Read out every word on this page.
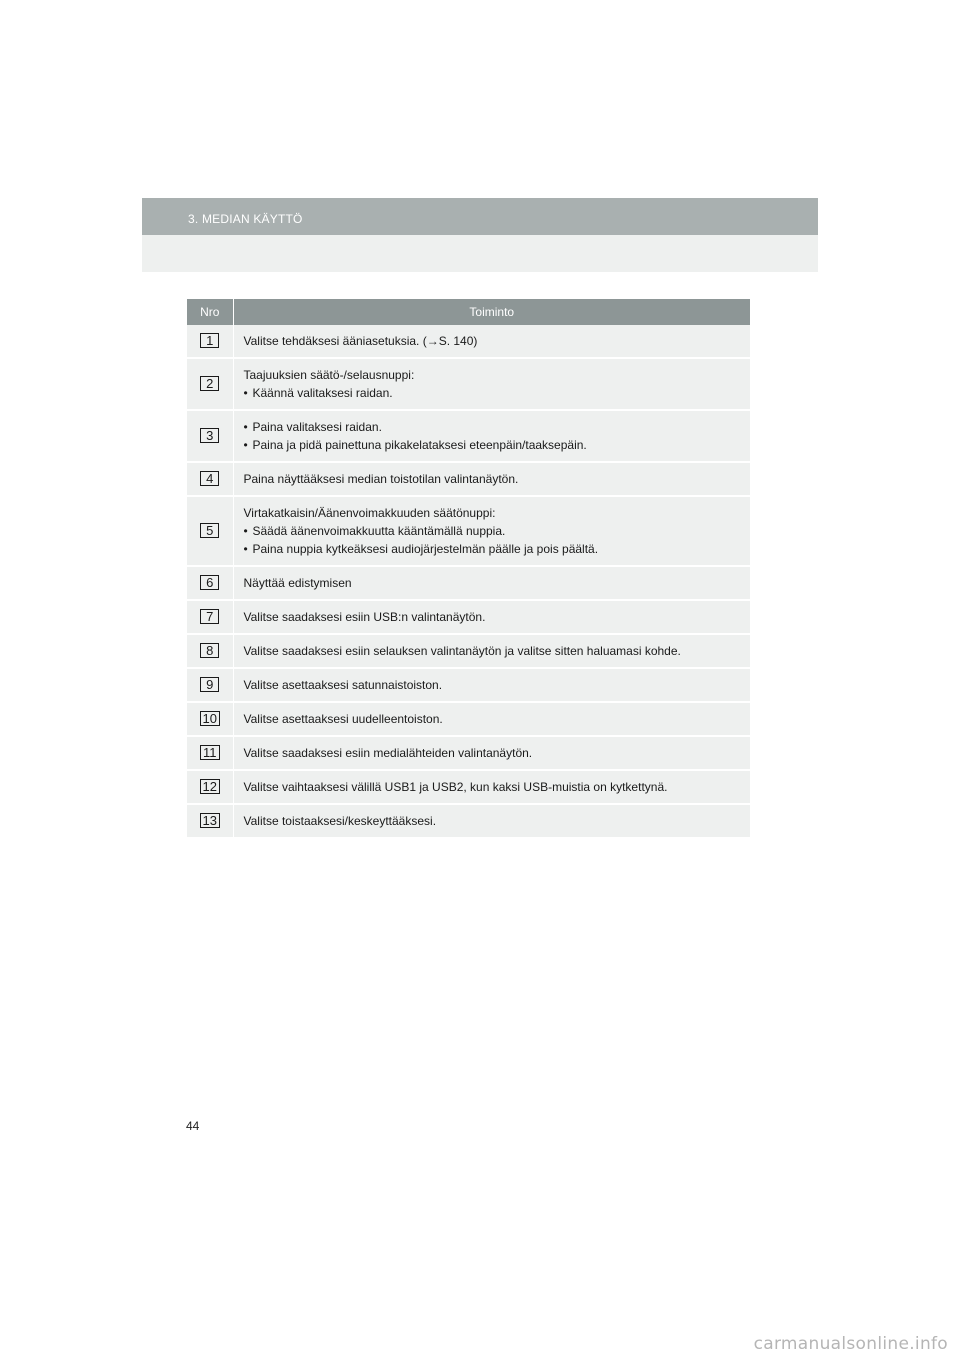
3. MEDIAN KÄYTTÖ
Nro	Toiminto
1	Valitse tehdäksesi ääniasetuksia. (→S. 140)

2	Taajuuksien säätö-/selausnuppi:
• Käännä valitaksesi raidan.

3	• Paina valitaksesi raidan.
• Paina ja pidä painettuna pikakelataksesi eteenpäin/taaksepäin.

4	Paina näyttääksesi median toistotilan valintanäytön.

5	Virtakatkaisin/Äänenvoimakkuuden säätönuppi:
• Säädä äänenvoimakkuutta kääntämällä nuppia.
• Paina nuppia kytkeäksesi audiojärjestelmän päälle ja pois päältä.

6	Näyttää edistymisen

7	Valitse saadaksesi esiin USB:n valintanäytön.

8	Valitse saadaksesi esiin selauksen valintanäytön ja valitse sitten haluamasi kohde.

9	Valitse asettaaksesi satunnaistoiston.

10	Valitse asettaaksesi uudelleentoiston.

11	Valitse saadaksesi esiin medialähteiden valintanäytön.

12	Valitse vaihtaaksesi välillä USB1 ja USB2, kun kaksi USB-muistia on kytkettynä.

13	Valitse toistaaksesi/keskeyttääksesi.
44
carmanualsonline.info
